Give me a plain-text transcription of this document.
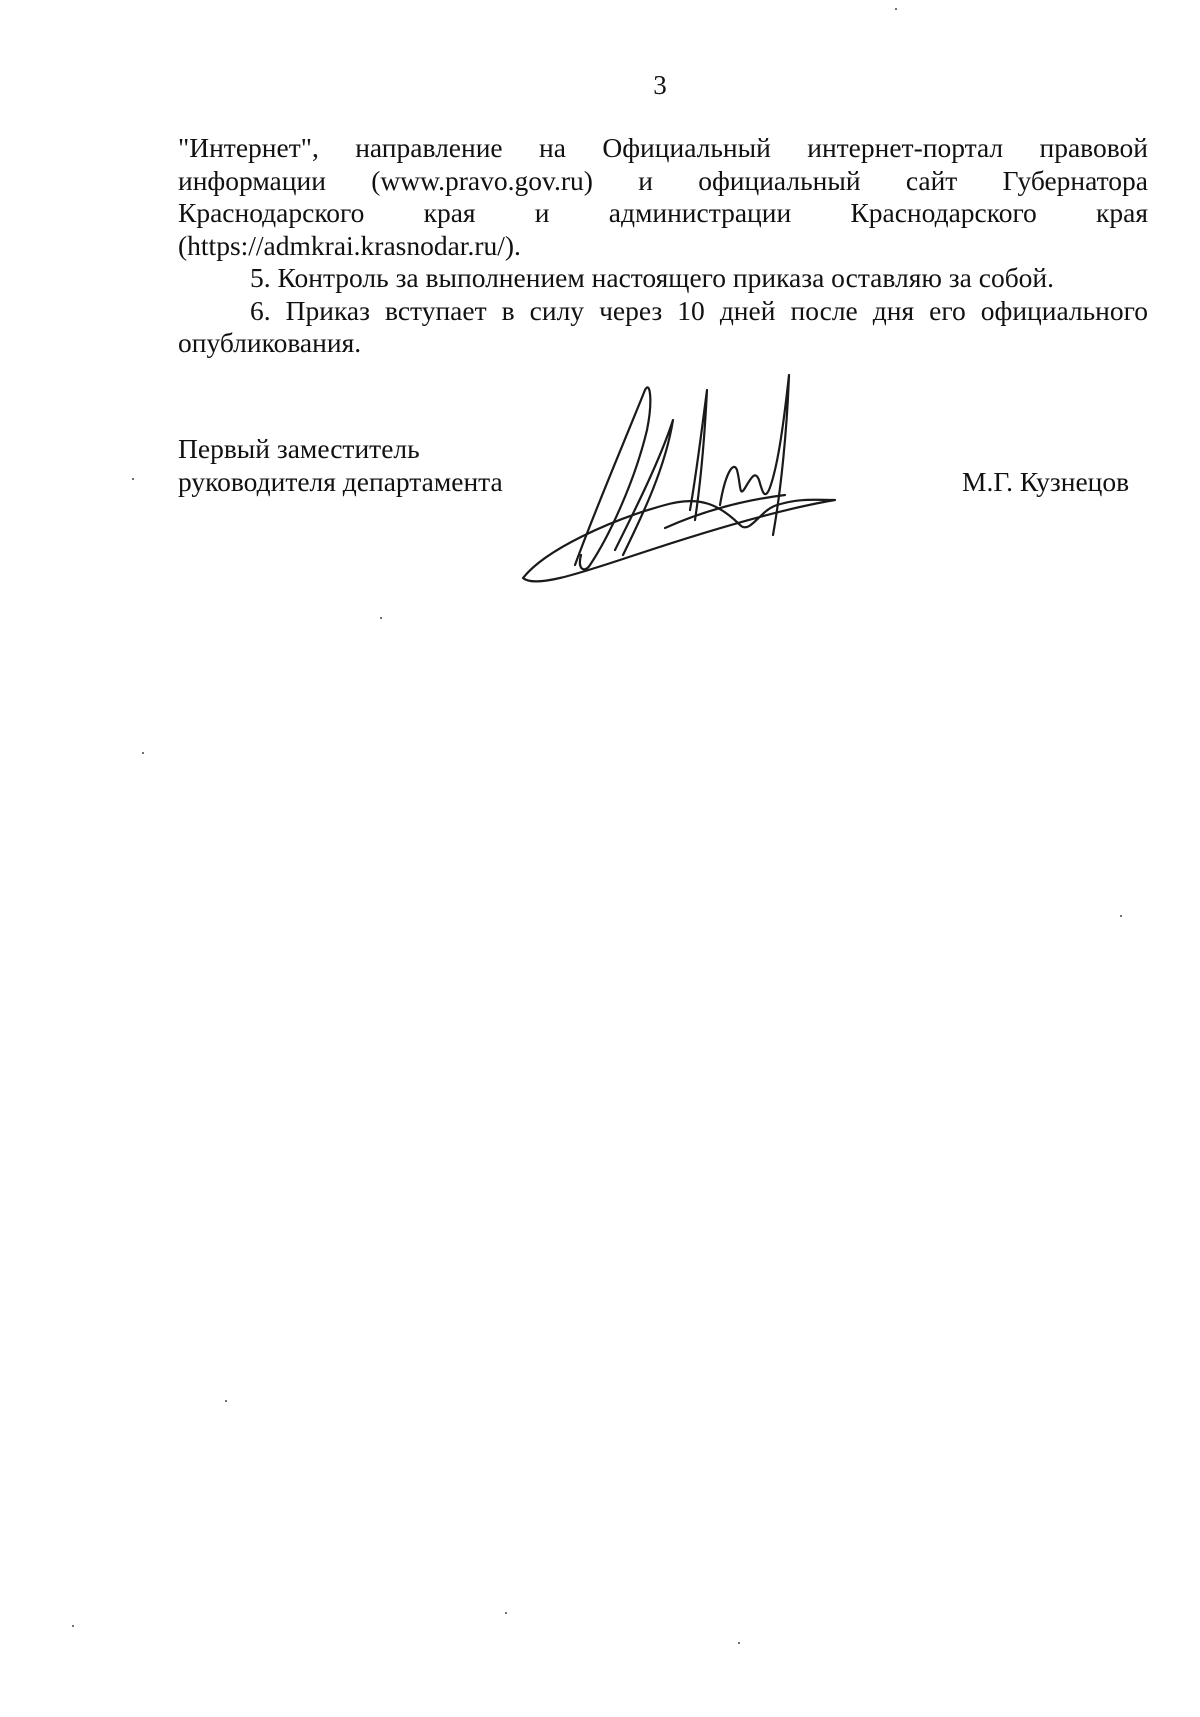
3

"Интернет", направление на Официальный интернет-портал правовой

информации (www.pravo.gov.ru) и официальный сайт Губернатора

Краснодарского края и администрации Краснодарского края

(https://admkrai.krasnodar.ru/).

5. Контроль за выполнением настоящего приказа оставляю за собой.

6. Приказ вступает в силу через 10 дней после дня его официального

опубликования.

Первый заместитель

руководителя департамента	М.Г. Кузнецов
